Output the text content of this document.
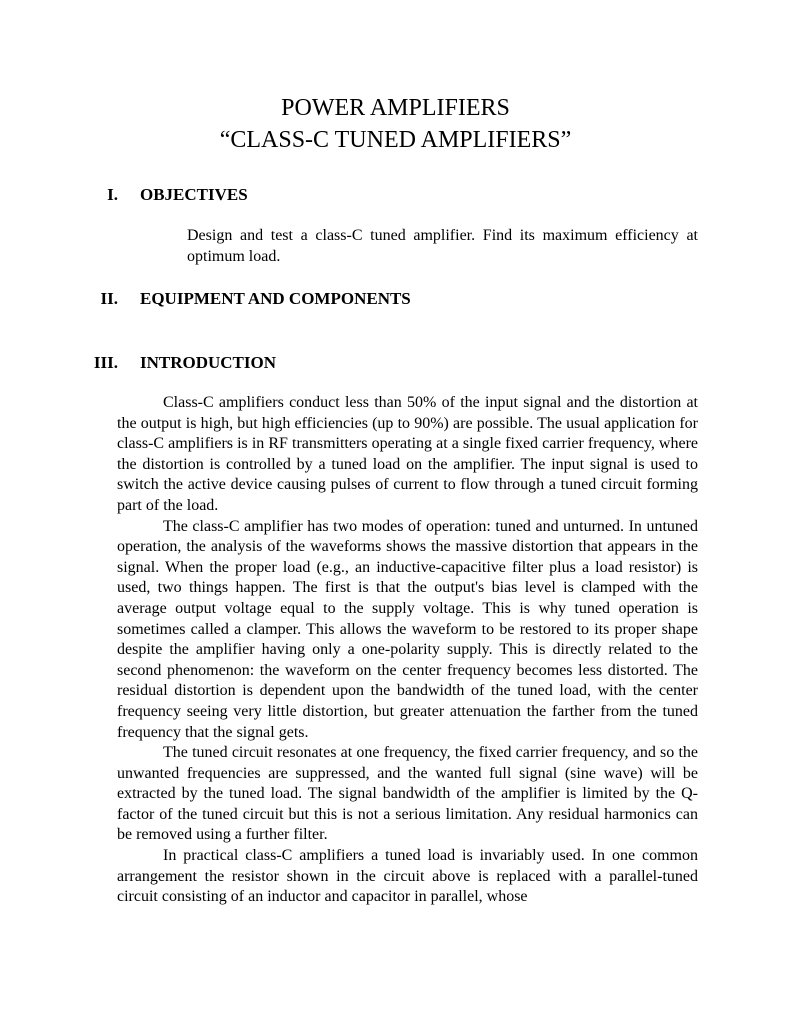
POWER AMPLIFIERS
“CLASS-C TUNED AMPLIFIERS”
I. OBJECTIVES
Design and test a class-C tuned amplifier. Find its maximum efficiency at optimum load.
II. EQUIPMENT AND COMPONENTS
III. INTRODUCTION

Class-C amplifiers conduct less than 50% of the input signal and the distortion at the output is high, but high efficiencies (up to 90%) are possible. The usual application for class-C amplifiers is in RF transmitters operating at a single fixed carrier frequency, where the distortion is controlled by a tuned load on the amplifier. The input signal is used to switch the active device causing pulses of current to flow through a tuned circuit forming part of the load.

The class-C amplifier has two modes of operation: tuned and unturned. In untuned operation, the analysis of the waveforms shows the massive distortion that appears in the signal. When the proper load (e.g., an inductive-capacitive filter plus a load resistor) is used, two things happen. The first is that the output's bias level is clamped with the average output voltage equal to the supply voltage. This is why tuned operation is sometimes called a clamper. This allows the waveform to be restored to its proper shape despite the amplifier having only a one-polarity supply. This is directly related to the second phenomenon: the waveform on the center frequency becomes less distorted. The residual distortion is dependent upon the bandwidth of the tuned load, with the center frequency seeing very little distortion, but greater attenuation the farther from the tuned frequency that the signal gets.

The tuned circuit resonates at one frequency, the fixed carrier frequency, and so the unwanted frequencies are suppressed, and the wanted full signal (sine wave) will be extracted by the tuned load. The signal bandwidth of the amplifier is limited by the Q-factor of the tuned circuit but this is not a serious limitation. Any residual harmonics can be removed using a further filter.

In practical class-C amplifiers a tuned load is invariably used. In one common arrangement the resistor shown in the circuit above is replaced with a parallel-tuned circuit consisting of an inductor and capacitor in parallel, whose
